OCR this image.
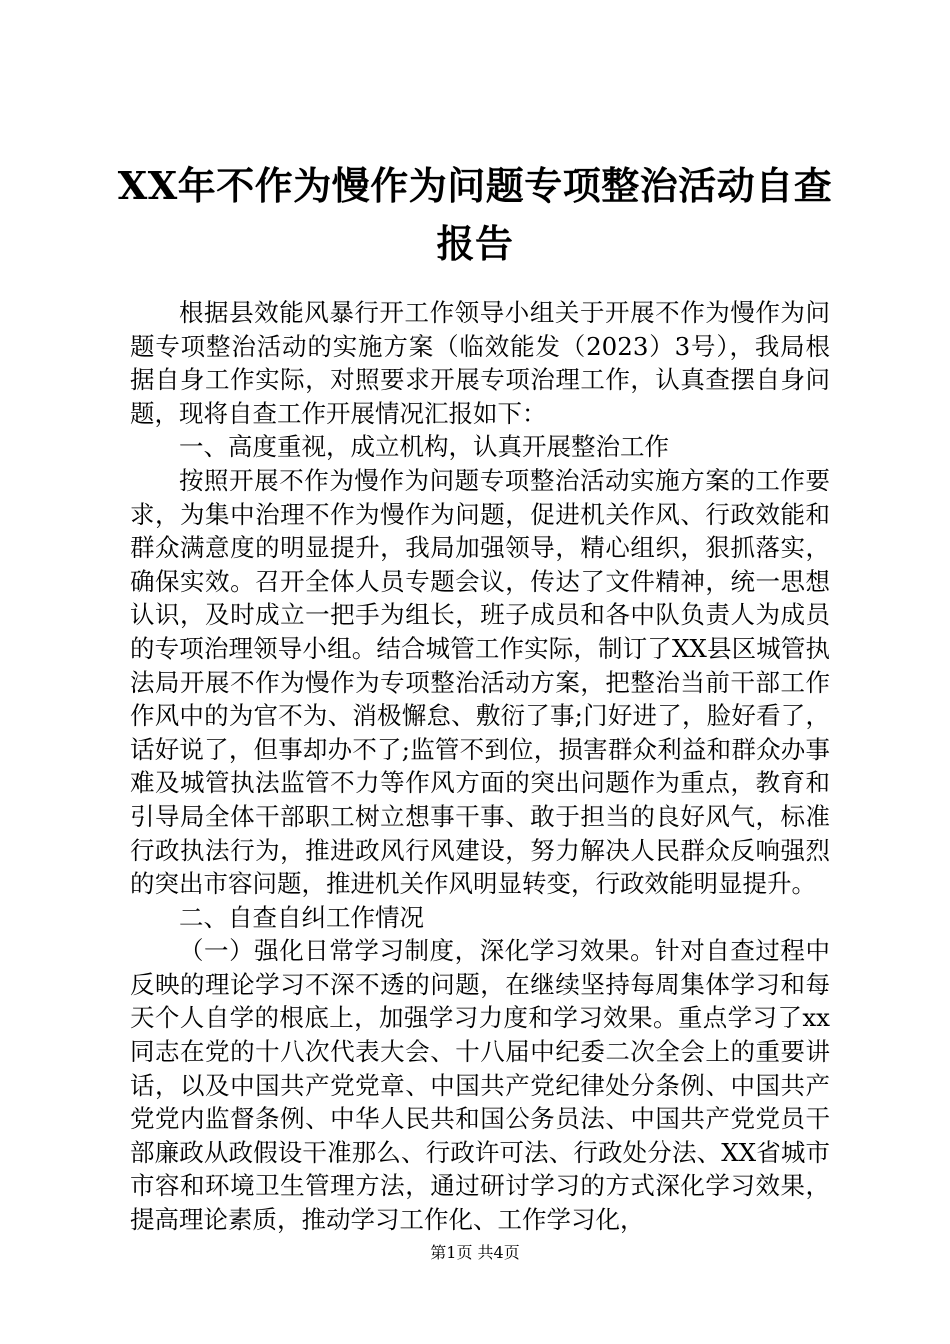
XX年不作为慢作为问题专项整治活动自查报告

根据县效能风暴行开工作领导小组关于开展不作为慢作为问题专项整治活动的实施方案（临效能发（2023）3号），我局根据自身工作实际，对照要求开展专项治理工作，认真查摆自身问题，现将自查工作开展情况汇报如下：

一、高度重视，成立机构，认真开展整治工作

按照开展不作为慢作为问题专项整治活动实施方案的工作要求，为集中治理不作为慢作为问题，促进机关作风、行政效能和群众满意度的明显提升，我局加强领导，精心组织，狠抓落实，确保实效。召开全体人员专题会议，传达了文件精神，统一思想认识，及时成立一把手为组长，班子成员和各中队负责人为成员的专项治理领导小组。结合城管工作实际，制订了XX县区城管执法局开展不作为慢作为专项整治活动方案，把整治当前干部工作作风中的为官不为、消极懈怠、敷衍了事;门好进了，脸好看了，话好说了，但事却办不了;监管不到位，损害群众利益和群众办事难及城管执法监管不力等作风方面的突出问题作为重点，教育和引导局全体干部职工树立想事干事、敢于担当的良好风气，标准行政执法行为，推进政风行风建设，努力解决人民群众反响强烈的突出市容问题，推进机关作风明显转变，行政效能明显提升。

二、自查自纠工作情况

（一）强化日常学习制度，深化学习效果。针对自查过程中反映的理论学习不深不透的问题，在继续坚持每周集体学习和每天个人自学的根底上，加强学习力度和学习效果。重点学习了xx同志在党的十八次代表大会、十八届中纪委二次全会上的重要讲话，以及中国共产党党章、中国共产党纪律处分条例、中国共产党党内监督条例、中华人民共和国公务员法、中国共产党党员干部廉政从政假设干准那么、行政许可法、行政处分法、XX省城市市容和环境卫生管理方法，通过研讨学习的方式深化学习效果，提高理论素质，推动学习工作化、工作学习化，

第1页 共4页
